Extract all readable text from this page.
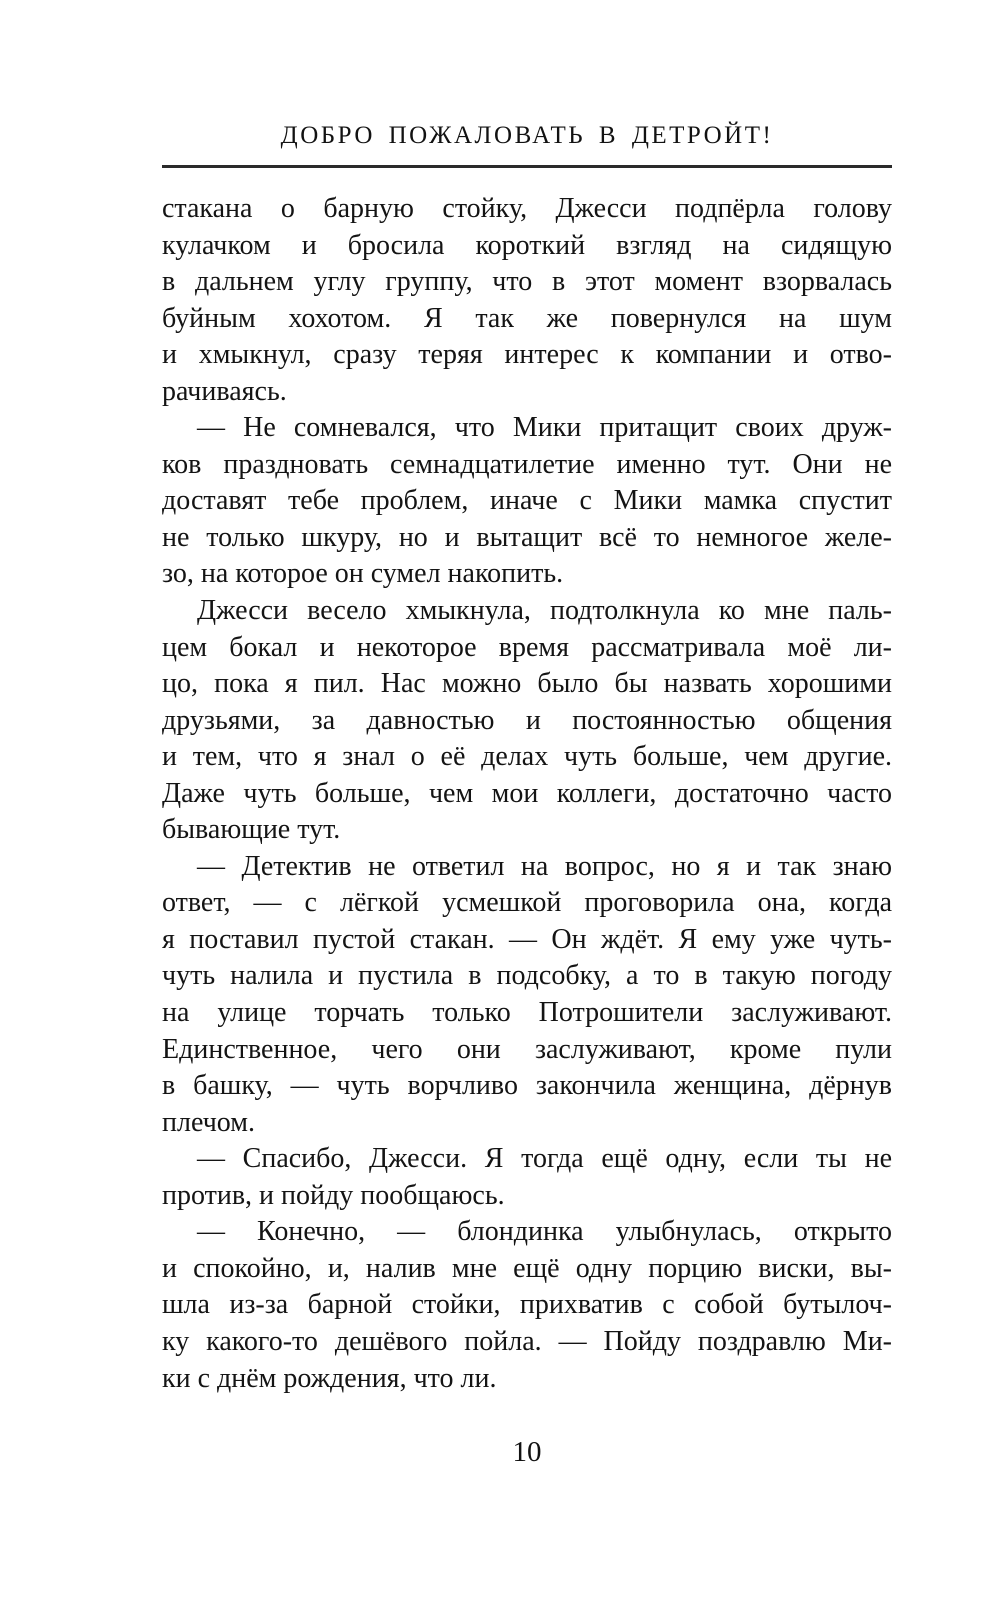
ДОБРО ПОЖАЛОВАТЬ В ДЕТРОЙТ!
стакана о барную стойку, Джесси подпёрла голову
кулачком и бросила короткий взгляд на сидящую
в дальнем углу группу, что в этот момент взорвалась
буйным хохотом. Я так же повернулся на шум
и хмыкнул, сразу теряя интерес к компании и отво-
рачиваясь.
— Не сомневался, что Мики притащит своих друж-
ков праздновать семнадцатилетие именно тут. Они не
доставят тебе проблем, иначе с Мики мамка спустит
не только шкуру, но и вытащит всё то немногое желе-
зо, на которое он сумел накопить.
Джесси весело хмыкнула, подтолкнула ко мне паль-
цем бокал и некоторое время рассматривала моё ли-
цо, пока я пил. Нас можно было бы назвать хорошими
друзьями, за давностью и постоянностью общения
и тем, что я знал о её делах чуть больше, чем другие.
Даже чуть больше, чем мои коллеги, достаточно часто
бывающие тут.
— Детектив не ответил на вопрос, но я и так знаю
ответ, — с лёгкой усмешкой проговорила она, когда
я поставил пустой стакан. — Он ждёт. Я ему уже чуть-
чуть налила и пустила в подсобку, а то в такую погоду
на улице торчать только Потрошители заслуживают.
Единственное, чего они заслуживают, кроме пули
в башку, — чуть ворчливо закончила женщина, дёрнув
плечом.
— Спасибо, Джесси. Я тогда ещё одну, если ты не
против, и пойду пообщаюсь.
— Конечно, — блондинка улыбнулась, открыто
и спокойно, и, налив мне ещё одну порцию виски, вы-
шла из-за барной стойки, прихватив с собой бутылоч-
ку какого-то дешёвого пойла. — Пойду поздравлю Ми-
ки с днём рождения, что ли.
10
